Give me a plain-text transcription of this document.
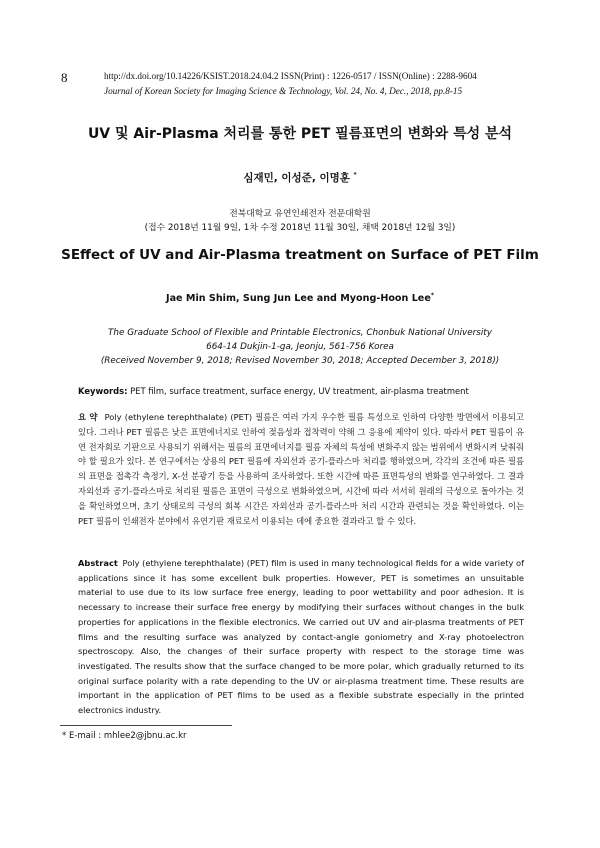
8	http://dx.doi.org/10.14226/KSIST.2018.24.04.2 ISSN(Print) : 1226-0517 / ISSN(Online) : 2288-9604
Journal of Korean Society for Imaging Science & Technology, Vol. 24, No. 4, Dec., 2018, pp.8-15
UV 및 Air-Plasma 처리를 통한 PET 필름표면의 변화와 특성 분석
심재민, 이성준, 이명훈 *
전북대학교 유연인쇄전자 전문대학원
(접수 2018년 11월 9일, 1차 수정 2018년 11월 30일, 채택 2018년 12월 3일)
SEffect of UV and Air-Plasma treatment on Surface of PET Film
Jae Min Shim, Sung Jun Lee and Myong-Hoon Lee*
The Graduate School of Flexible and Printable Electronics, Chonbuk National University
664-14 Dukjin-1-ga, Jeonju, 561-756 Korea
(Received November 9, 2018; Revised November 30, 2018; Accepted December 3, 2018))
Keywords: PET film, surface treatment, surface energy, UV treatment, air-plasma treatment
요 약 Poly (ethylene terephthalate) (PET) 필름은 여러 가지 우수한 필름 특성으로 인하여 다양한 방면에서 이용되고 있다. 그러나 PET 필름은 낮은 표면에너지로 인하여 젖음성과 접착력이 약해 그 응용에 제약이 있다. 따라서 PET 필름이 유연 전자회로 기판으로 사용되기 위해서는 필름의 표면에너지를 필름 자체의 특성에 변화주지 않는 범위에서 변화시켜 낮춰줘야 할 필요가 있다. 본 연구에서는 상용의 PET 필름에 자외선과 공기-플라스마 처리를 행하였으며, 각각의 조건에 따른 필름의 표면을 접촉각 측정기, X-선 분광기 등을 사용하여 조사하였다. 또한 시간에 따른 표면특성의 변화를 연구하였다. 그 결과 자외선과 공기-플라스마로 처리된 필름은 표면이 극성으로 변화하였으며, 시간에 따라 서서히 원래의 극성으로 돌아가는 것을 확인하였으며, 초기 상태로의 극성의 회복 시간은 자외선과 공기-플라스마 처리 시간과 관련되는 것을 확인하였다. 이는 PET 필름이 인쇄전자 분야에서 유연기판 재료로서 이용되는 데에 중요한 결과라고 할 수 있다.
Abstract Poly (ethylene terephthalate) (PET) film is used in many technological fields for a wide variety of applications since it has some excellent bulk properties. However, PET is sometimes an unsuitable material to use due to its low surface free energy, leading to poor wettability and poor adhesion. It is necessary to increase their surface free energy by modifying their surfaces without changes in the bulk properties for applications in the flexible electronics. We carried out UV and air-plasma treatments of PET films and the resulting surface was analyzed by contact-angle goniometry and X-ray photoelectron spectroscopy. Also, the changes of their surface property with respect to the storage time was investigated. The results show that the surface changed to be more polar, which gradually returned to its original surface polarity with a rate depending to the UV or air-plasma treatment time. These results are important in the application of PET films to be used as a flexible substrate especially in the printed electronics industry.
* E-mail : mhlee2@jbnu.ac.kr
